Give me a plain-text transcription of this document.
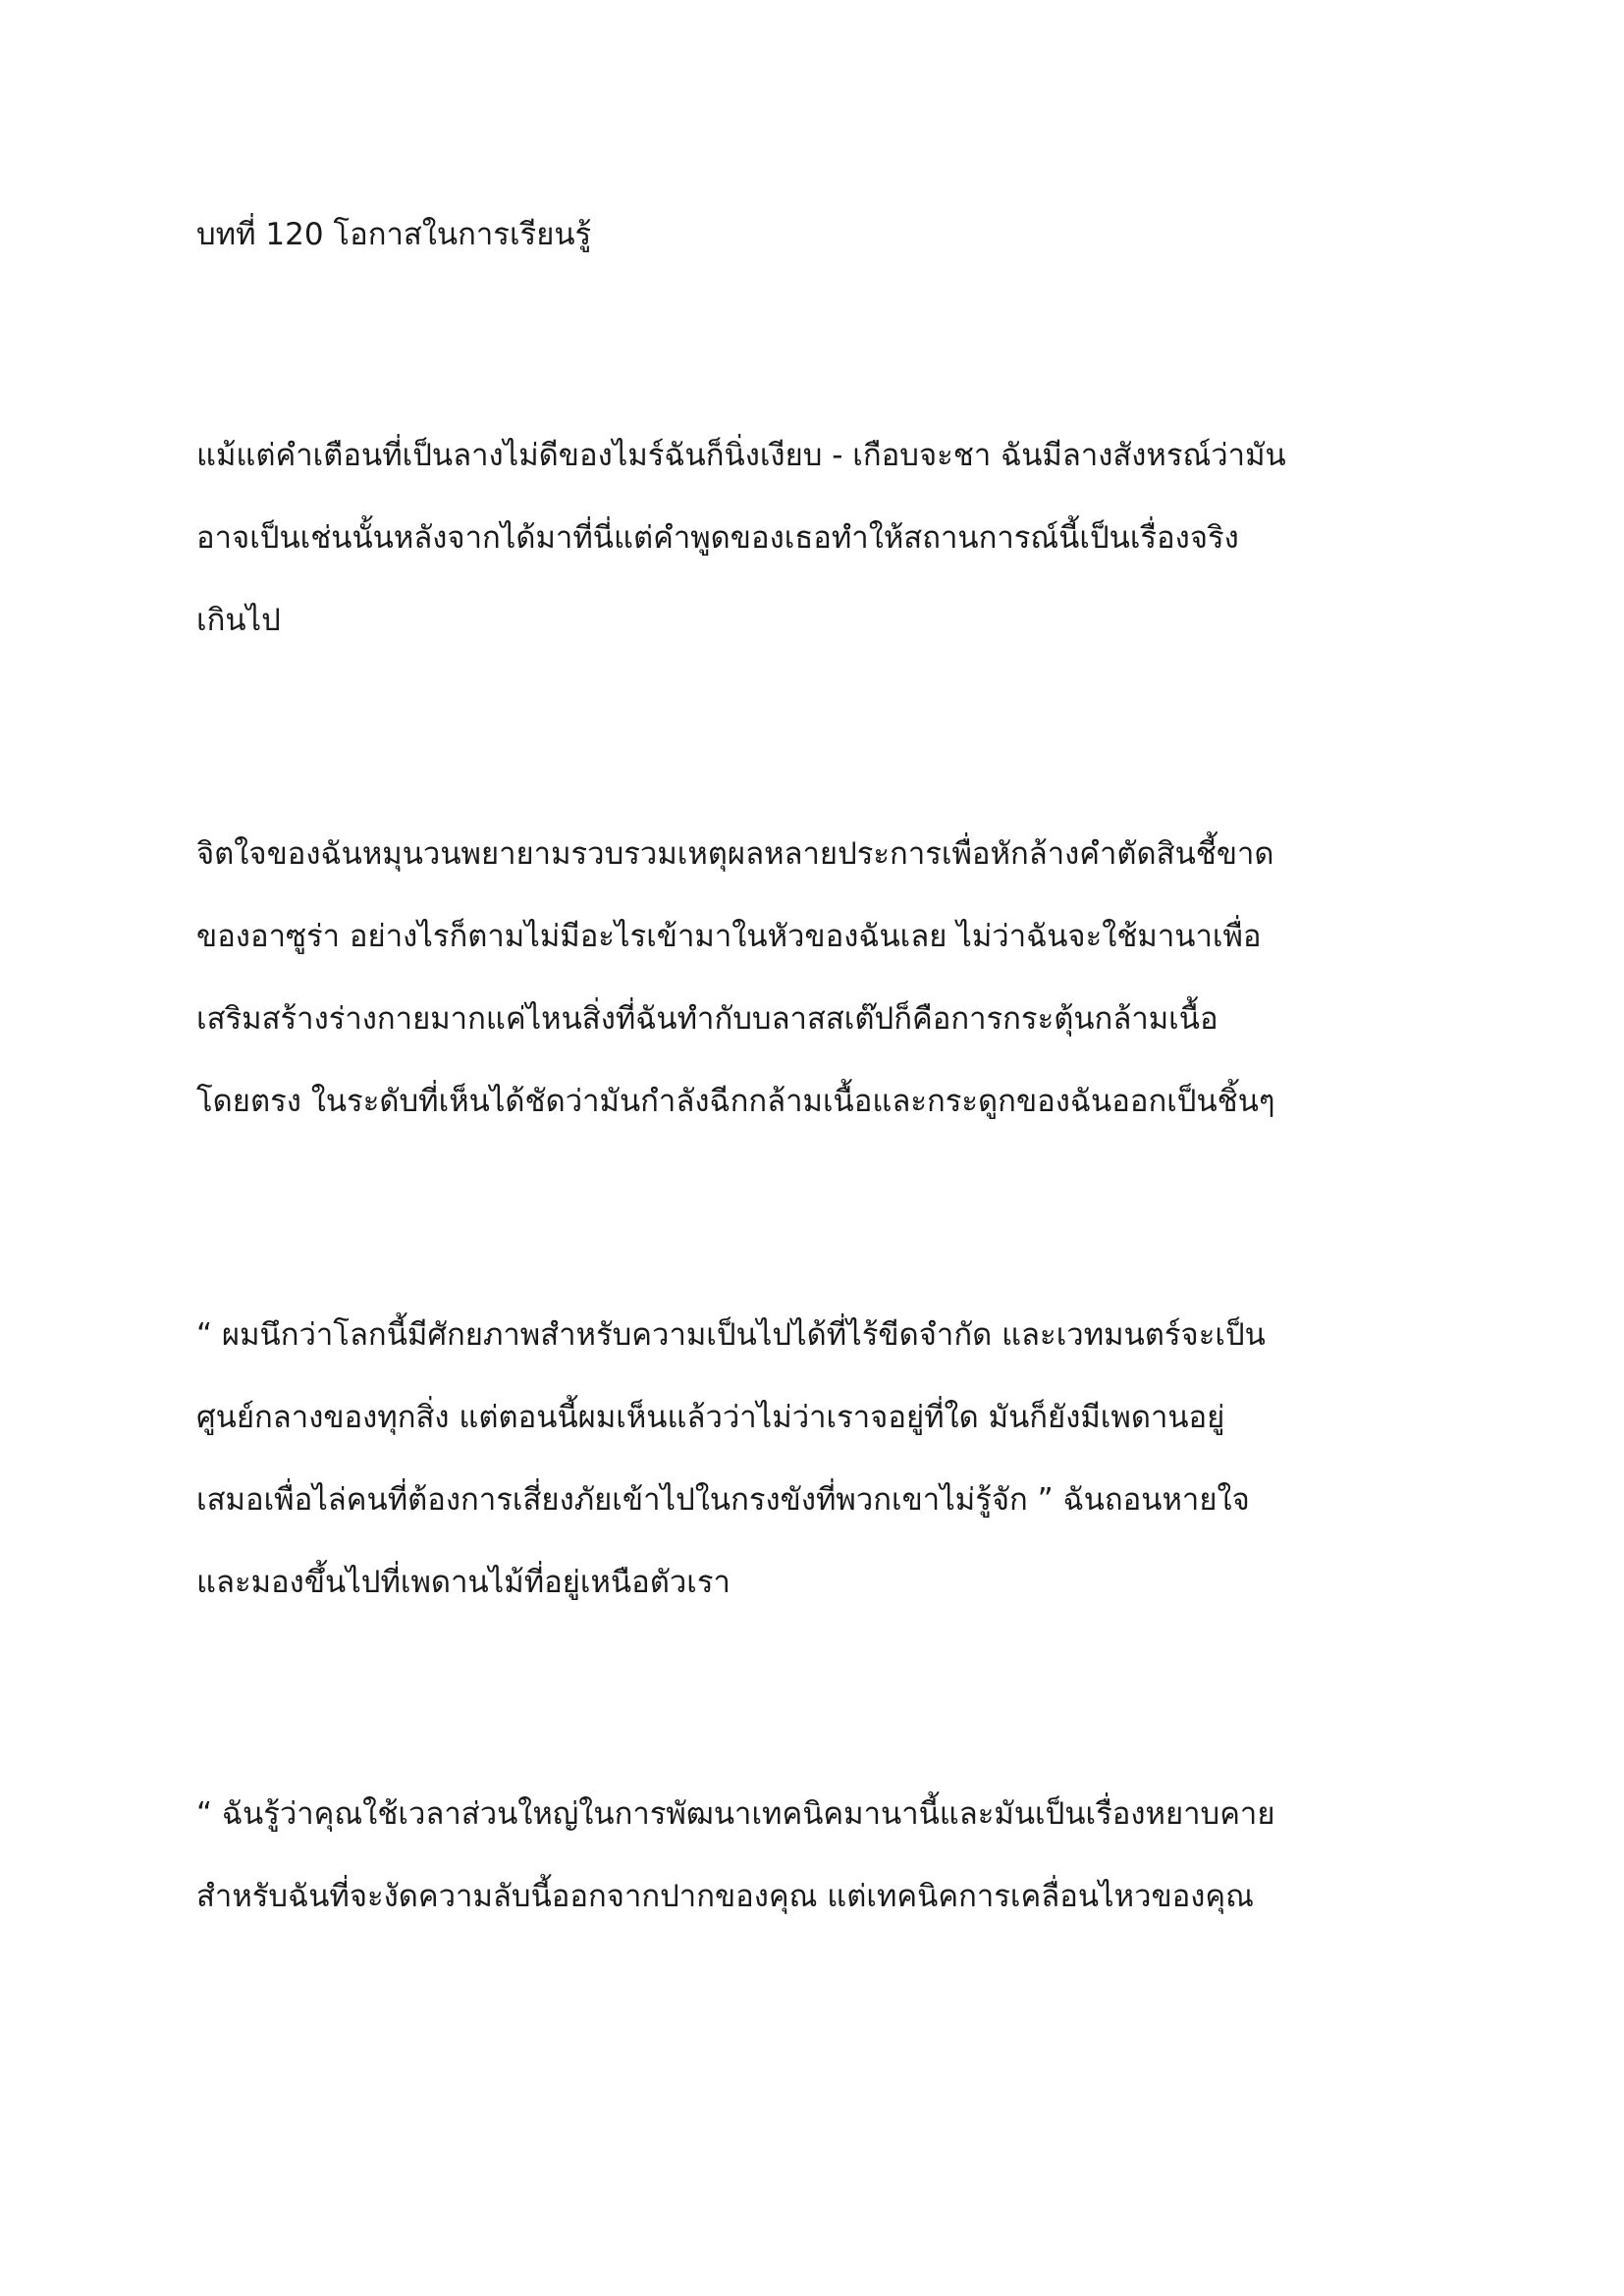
บทที่ 120 โอกาสในการเรียนรู้
แม้แต่คำเตือนที่เป็นลางไม่ดีของไมร์ฉันก็นิ่งเงียบ - เกือบจะชา ฉันมีลางสังหรณ์ว่ามัน
อาจเป็นเช่นนั้นหลังจากได้มาที่นี่แต่คำพูดของเธอทำให้สถานการณ์นี้เป็นเรื่องจริง
เกินไป
จิตใจของฉันหมุนวนพยายามรวบรวมเหตุผลหลายประการเพื่อหักล้างคำตัดสินชี้ขาด
ของอาซูร่า อย่างไรก็ตามไม่มีอะไรเข้ามาในหัวของฉันเลย ไม่ว่าฉันจะใช้มานาเพื่อ
เสริมสร้างร่างกายมากแค่ไหนสิ่งที่ฉันทำกับบลาสสเต๊ปก็คือการกระตุ้นกล้ามเนื้อ
โดยตรง ในระดับที่เห็นได้ชัดว่ามันกำลังฉีกกล้ามเนื้อและกระดูกของฉันออกเป็นชิ้นๆ
“ ผมนึกว่าโลกนี้มีศักยภาพสำหรับความเป็นไปได้ที่ไร้ขีดจำกัด และเวทมนตร์จะเป็น
ศูนย์กลางของทุกสิ่ง แต่ตอนนี้ผมเห็นแล้วว่าไม่ว่าเราจอยู่ที่ใด มันก็ยังมีเพดานอยู่
เสมอเพื่อไล่คนที่ต้องการเสี่ยงภัยเข้าไปในกรงขังที่พวกเขาไม่รู้จัก ” ฉันถอนหายใจ
และมองขึ้นไปที่เพดานไม้ที่อยู่เหนือตัวเรา
“ ฉันรู้ว่าคุณใช้เวลาส่วนใหญ่ในการพัฒนาเทคนิคมานานี้และมันเป็นเรื่องหยาบคาย
สำหรับฉันที่จะงัดความลับนี้ออกจากปากของคุณ แต่เทคนิคการเคลื่อนไหวของคุณ
